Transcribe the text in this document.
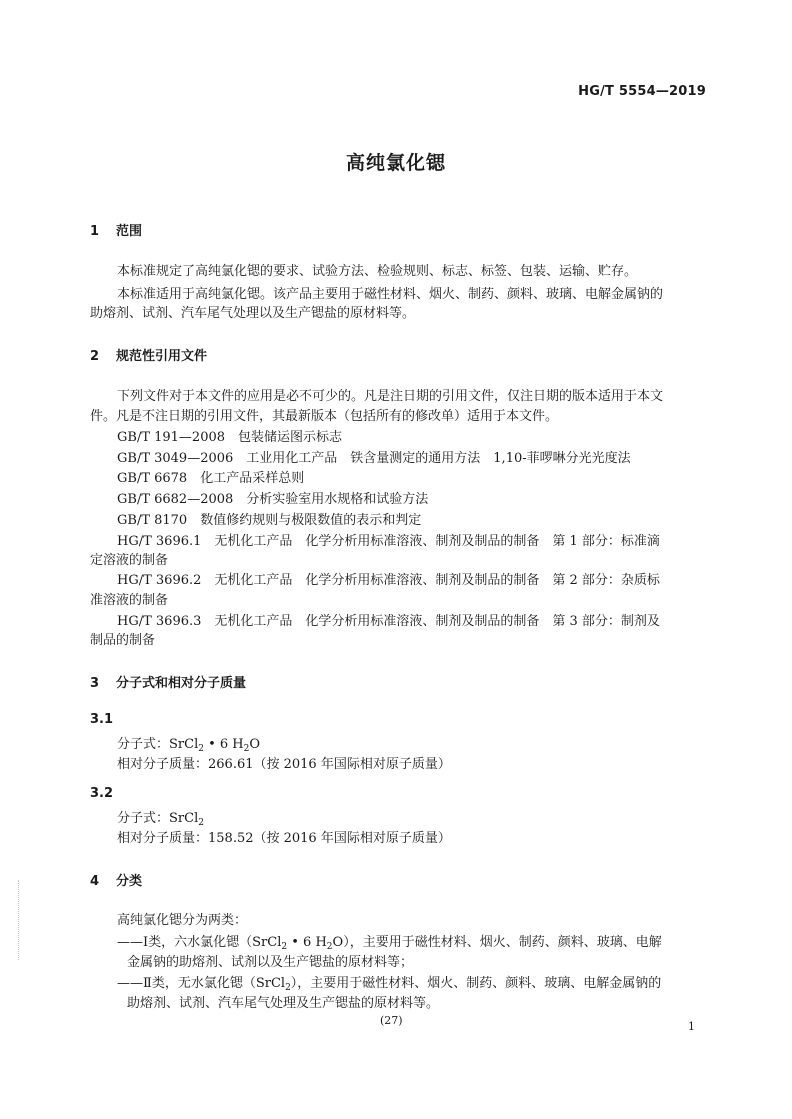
HG/T 5554—2019
高纯氯化锶
1 范围
本标准规定了高纯氯化锶的要求、试验方法、检验规则、标志、标签、包装、运输、贮存。
本标准适用于高纯氯化锶。该产品主要用于磁性材料、烟火、制药、颜料、玻璃、电解金属钠的
助熔剂、试剂、汽车尾气处理以及生产锶盐的原材料等。
2 规范性引用文件
下列文件对于本文件的应用是必不可少的。凡是注日期的引用文件，仅注日期的版本适用于本文
件。凡是不注日期的引用文件，其最新版本（包括所有的修改单）适用于本文件。
GB/T 191—2008　包装储运图示标志
GB/T 3049—2006　工业用化工产品　铁含量测定的通用方法　1,10-菲啰啉分光光度法
GB/T 6678　化工产品采样总则
GB/T 6682—2008　分析实验室用水规格和试验方法
GB/T 8170　数值修约规则与极限数值的表示和判定
HG/T 3696.1　无机化工产品　化学分析用标准溶液、制剂及制品的制备　第 1 部分：标准滴
定溶液的制备
HG/T 3696.2　无机化工产品　化学分析用标准溶液、制剂及制品的制备　第 2 部分：杂质标
准溶液的制备
HG/T 3696.3　无机化工产品　化学分析用标准溶液、制剂及制品的制备　第 3 部分：制剂及
制品的制备
3 分子式和相对分子质量
3.1
分子式：SrCl$_2$ • 6 $H_2O$
相对分子质量：266.61（按 2016 年国际相对原子质量）
3.2
分子式：SrCl$_2$
相对分子质量：158.52（按 2016 年国际相对原子质量）
4 分类
高纯氯化锶分为两类：
——Ⅰ类，六水氯化锶（SrCl$_2$ • 6 $H_2O$），主要用于磁性材料、烟火、制药、颜料、玻璃、电解
金属钠的助熔剂、试剂以及生产锶盐的原材料等；
——Ⅱ类，无水氯化锶（SrCl$_2$），主要用于磁性材料、烟火、制药、颜料、玻璃、电解金属钠的
助熔剂、试剂、汽车尾气处理及生产锶盐的原材料等。
(27)	1
